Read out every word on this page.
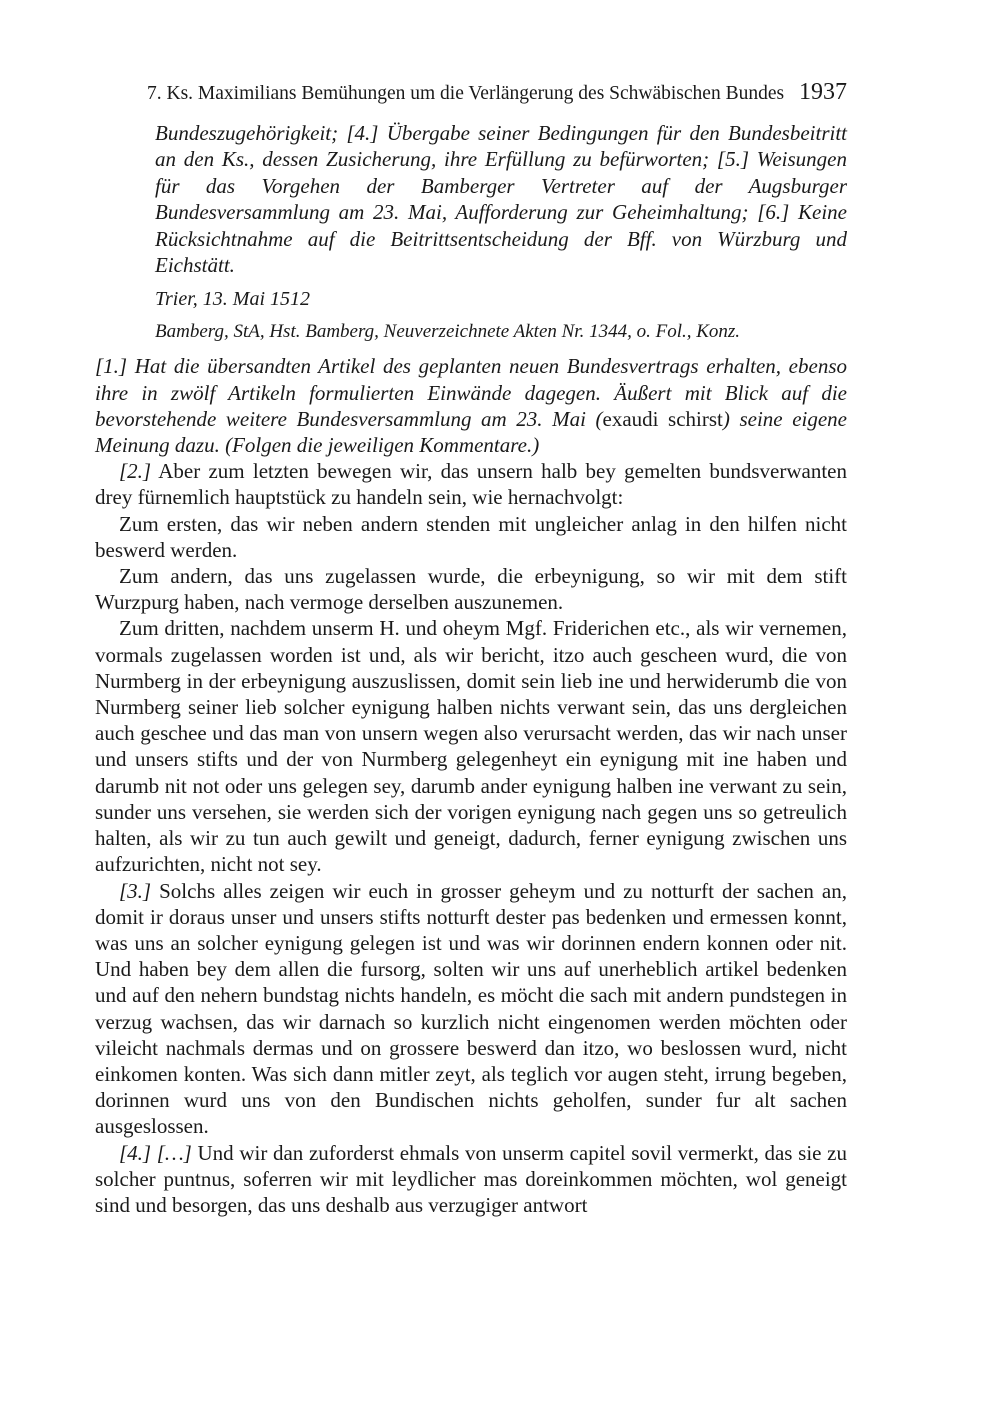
7. Ks. Maximilians Bemühungen um die Verlängerung des Schwäbischen Bundes 1937

Bundeszugehörigkeit; [4.] Übergabe seiner Bedingungen für den Bundesbeitritt an den Ks., dessen Zusicherung, ihre Erfüllung zu befürworten; [5.] Weisungen für das Vorgehen der Bamberger Vertreter auf der Augsburger Bundesversammlung am 23. Mai, Aufforderung zur Geheimhaltung; [6.] Keine Rücksichtnahme auf die Beitrittsentscheidung der Bff. von Würzburg und Eichstätt.

Trier, 13. Mai 1512

Bamberg, StA, Hst. Bamberg, Neuverzeichnete Akten Nr. 1344, o. Fol., Konz.

[1.] Hat die übersandten Artikel des geplanten neuen Bundesvertrags erhalten, ebenso ihre in zwölf Artikeln formulierten Einwände dagegen. Äußert mit Blick auf die bevorstehende weitere Bundesversammlung am 23. Mai (exaudi schirst) seine eigene Meinung dazu. (Folgen die jeweiligen Kommentare.)

[2.] Aber zum letzten bewegen wir, das unsern halb bey gemelten bundsverwanten drey fürnemlich hauptstück zu handeln sein, wie hernachvolgt:

Zum ersten, das wir neben andern stenden mit ungleicher anlag in den hilfen nicht beswerd werden.

Zum andern, das uns zugelassen wurde, die erbeynigung, so wir mit dem stift Wurzpurg haben, nach vermoge derselben auszunemen.

Zum dritten, nachdem unserm H. und oheym Mgf. Friderichen etc., als wir vernemen, vormals zugelassen worden ist und, als wir bericht, itzo auch gescheen wurd, die von Nurmberg in der erbeynigung auszuslissen, domit sein lieb ine und herwiderumb die von Nurmberg seiner lieb solcher eynigung halben nichts verwant sein, das uns dergleichen auch geschee und das man von unsern wegen also verursacht werden, das wir nach unser und unsers stifts und der von Nurmberg gelegenheyt ein eynigung mit ine haben und darumb nit not oder uns gelegen sey, darumb ander eynigung halben ine verwant zu sein, sunder uns versehen, sie werden sich der vorigen eynigung nach gegen uns so getreulich halten, als wir zu tun auch gewilt und geneigt, dadurch, ferner eynigung zwischen uns aufzurichten, nicht not sey.

[3.] Solchs alles zeigen wir euch in grosser geheym und zu notturft der sachen an, domit ir doraus unser und unsers stifts notturft dester pas bedenken und ermessen konnt, was uns an solcher eynigung gelegen ist und was wir dorinnen endern konnen oder nit. Und haben bey dem allen die fursorg, solten wir uns auf unerheblich artikel bedenken und auf den nehern bundstag nichts handeln, es möcht die sach mit andern pundstegen in verzug wachsen, das wir darnach so kurzlich nicht eingenomen werden möchten oder vileicht nachmals dermas und on grossere beswerd dan itzo, wo beslossen wurd, nicht einkomen konten. Was sich dann mitler zeyt, als teglich vor augen steht, irrung begeben, dorinnen wurd uns von den Bundischen nichts geholfen, sunder fur alt sachen ausgeslossen.

[4.] […] Und wir dan zuforderst ehmals von unserm capitel sovil vermerkt, das sie zu solcher puntnus, soferren wir mit leydlicher mas doreinkommen möchten, wol geneigt sind und besorgen, das uns deshalb aus verzugiger antwort
